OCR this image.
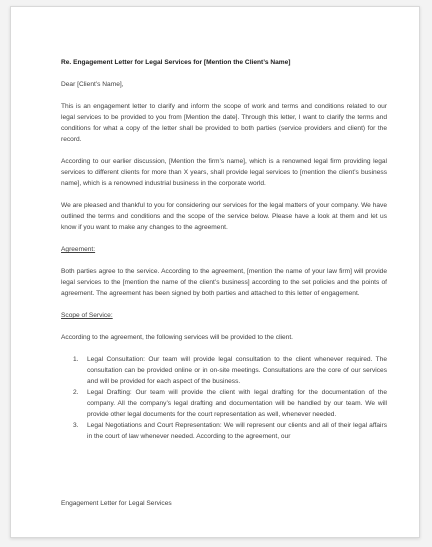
Re. Engagement Letter for Legal Services for [Mention the Client’s Name]
Dear [Client’s Name],
This is an engagement letter to clarify and inform the scope of work and terms and conditions related to our legal services to be provided to you from [Mention the date]. Through this letter, I want to clarify the terms and conditions for what a copy of the letter shall be provided to both parties (service providers and client) for the record.
According to our earlier discussion, [Mention the firm’s name], which is a renowned legal firm providing legal services to different clients for more than X years, shall provide legal services to [mention the client’s business name], which is a renowned industrial business in the corporate world.
We are pleased and thankful to you for considering our services for the legal matters of your company. We have outlined the terms and conditions and the scope of the service below. Please have a look at them and let us know if you want to make any changes to the agreement.
Agreement:
Both parties agree to the service. According to the agreement, [mention the name of your law firm] will provide legal services to the [mention the name of the client’s business] according to the set policies and the points of agreement. The agreement has been signed by both parties and attached to this letter of engagement.
Scope of Service:
According to the agreement, the following services will be provided to the client.
1. Legal Consultation: Our team will provide legal consultation to the client whenever required. The consultation can be provided online or in on-site meetings. Consultations are the core of our services and will be provided for each aspect of the business.
2. Legal Drafting: Our team will provide the client with legal drafting for the documentation of the company. All the company’s legal drafting and documentation will be handled by our team. We will provide other legal documents for the court representation as well, whenever needed.
3. Legal Negotiations and Court Representation: We will represent our clients and all of their legal affairs in the court of law whenever needed. According to the agreement, our
Engagement Letter for Legal Services
